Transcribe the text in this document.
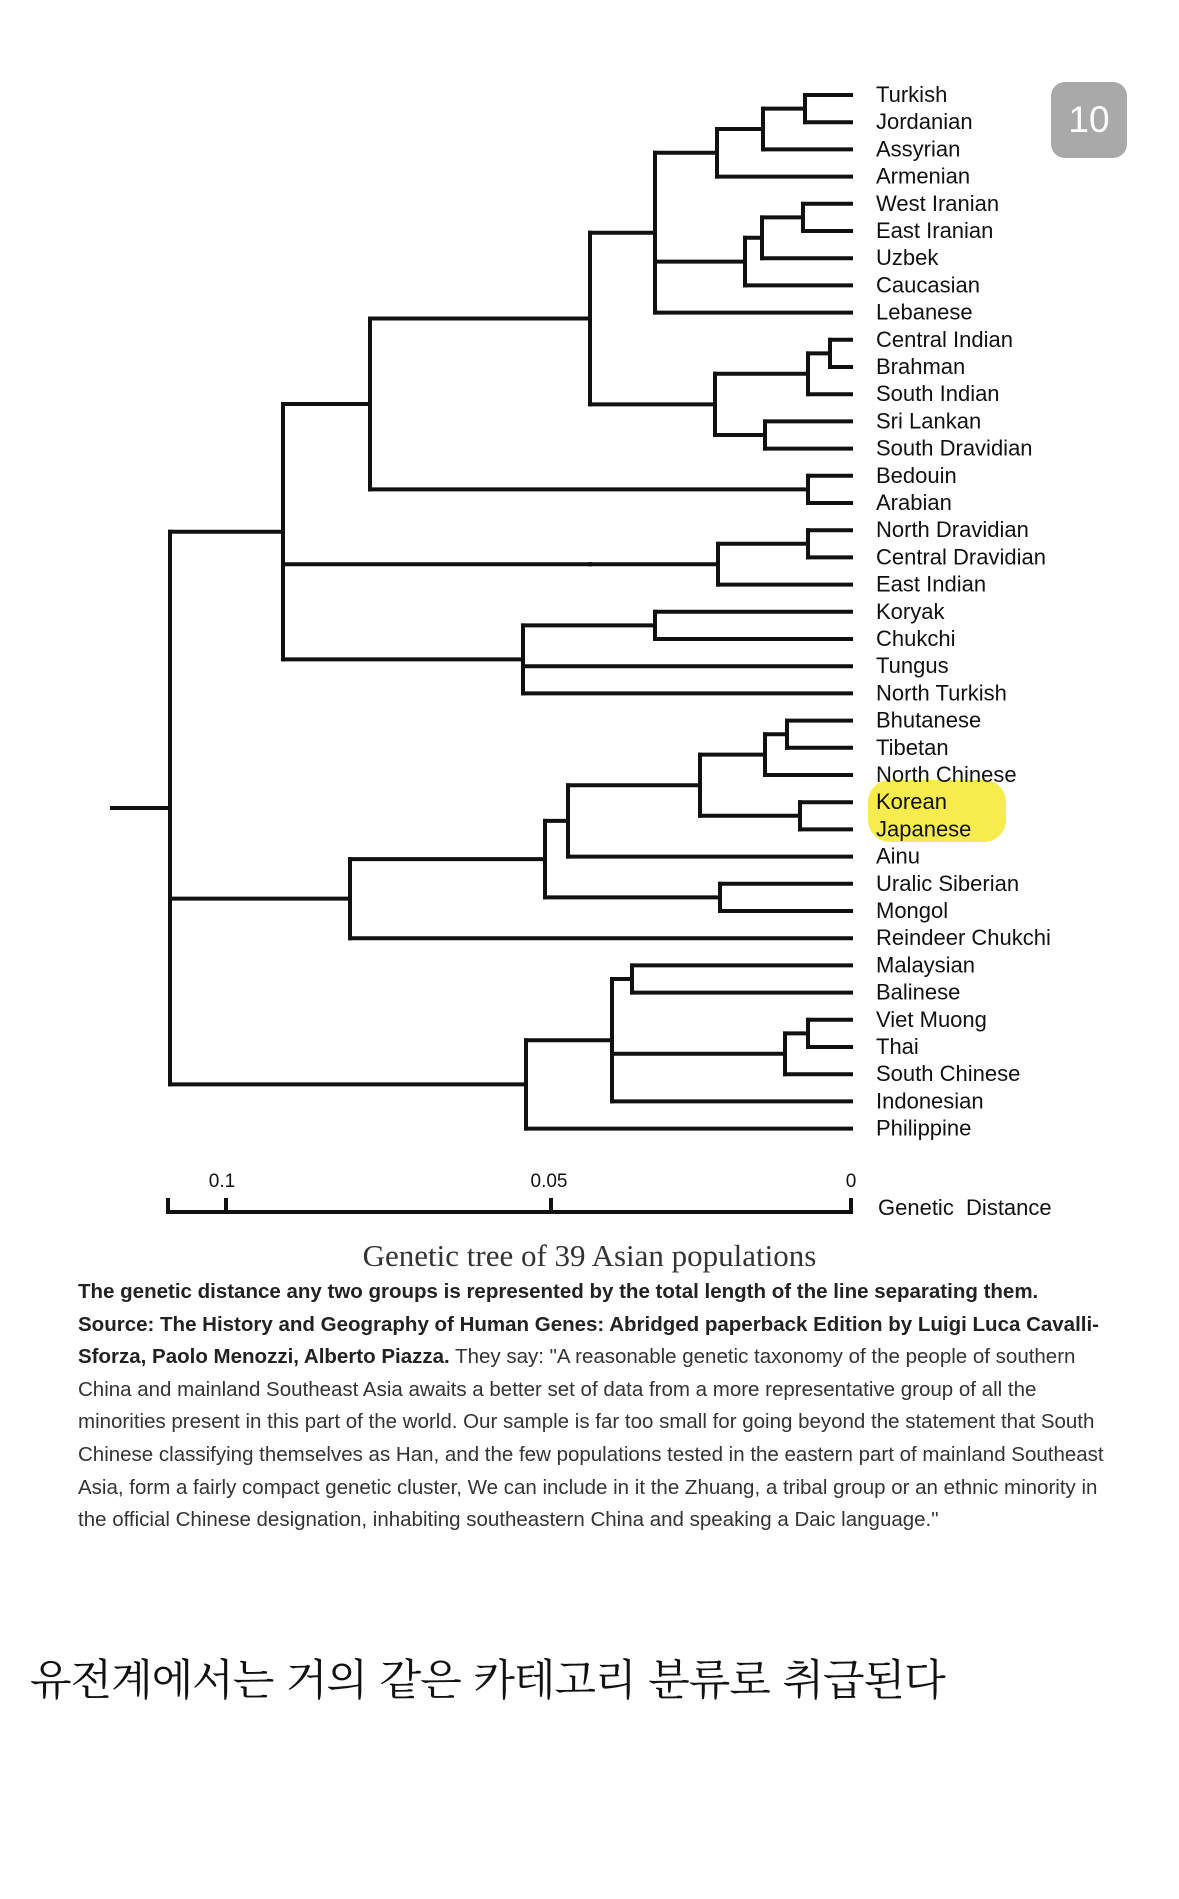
Turkish
Jordanian
Assyrian
Armenian
West Iranian
East Iranian
Uzbek
Caucasian
Lebanese
Central Indian
Brahman
South Indian
Sri Lankan
South Dravidian
Bedouin
Arabian
North Dravidian
Central Dravidian
East Indian
Koryak
Chukchi
Tungus
North Turkish
Bhutanese
Tibetan
North Chinese
Korean
Japanese
Ainu
Uralic Siberian
Mongol
Reindeer Chukchi
Malaysian
Balinese
Viet Muong
Thai
South Chinese
Indonesian
Philippine
0.1	0.05	0
Genetic  Distance
10
Genetic tree of 39 Asian populations
The genetic distance any two groups is represented by the total length of the line separating them. Source: The History and Geography of Human Genes: Abridged paperback Edition by Luigi Luca Cavalli-Sforza, Paolo Menozzi, Alberto Piazza. They say: "A reasonable genetic taxonomy of the people of southern China and mainland Southeast Asia awaits a better set of data from a more representative group of all the minorities present in this part of the world. Our sample is far too small for going beyond the statement that South Chinese classifying themselves as Han, and the few populations tested in the eastern part of mainland Southeast Asia, form a fairly compact genetic cluster, We can include in it the Zhuang, a tribal group or an ethnic minority in the official Chinese designation, inhabiting southeastern China and speaking a Daic language."
유전계에서는 거의 같은 카테고리 분류로 취급된다
